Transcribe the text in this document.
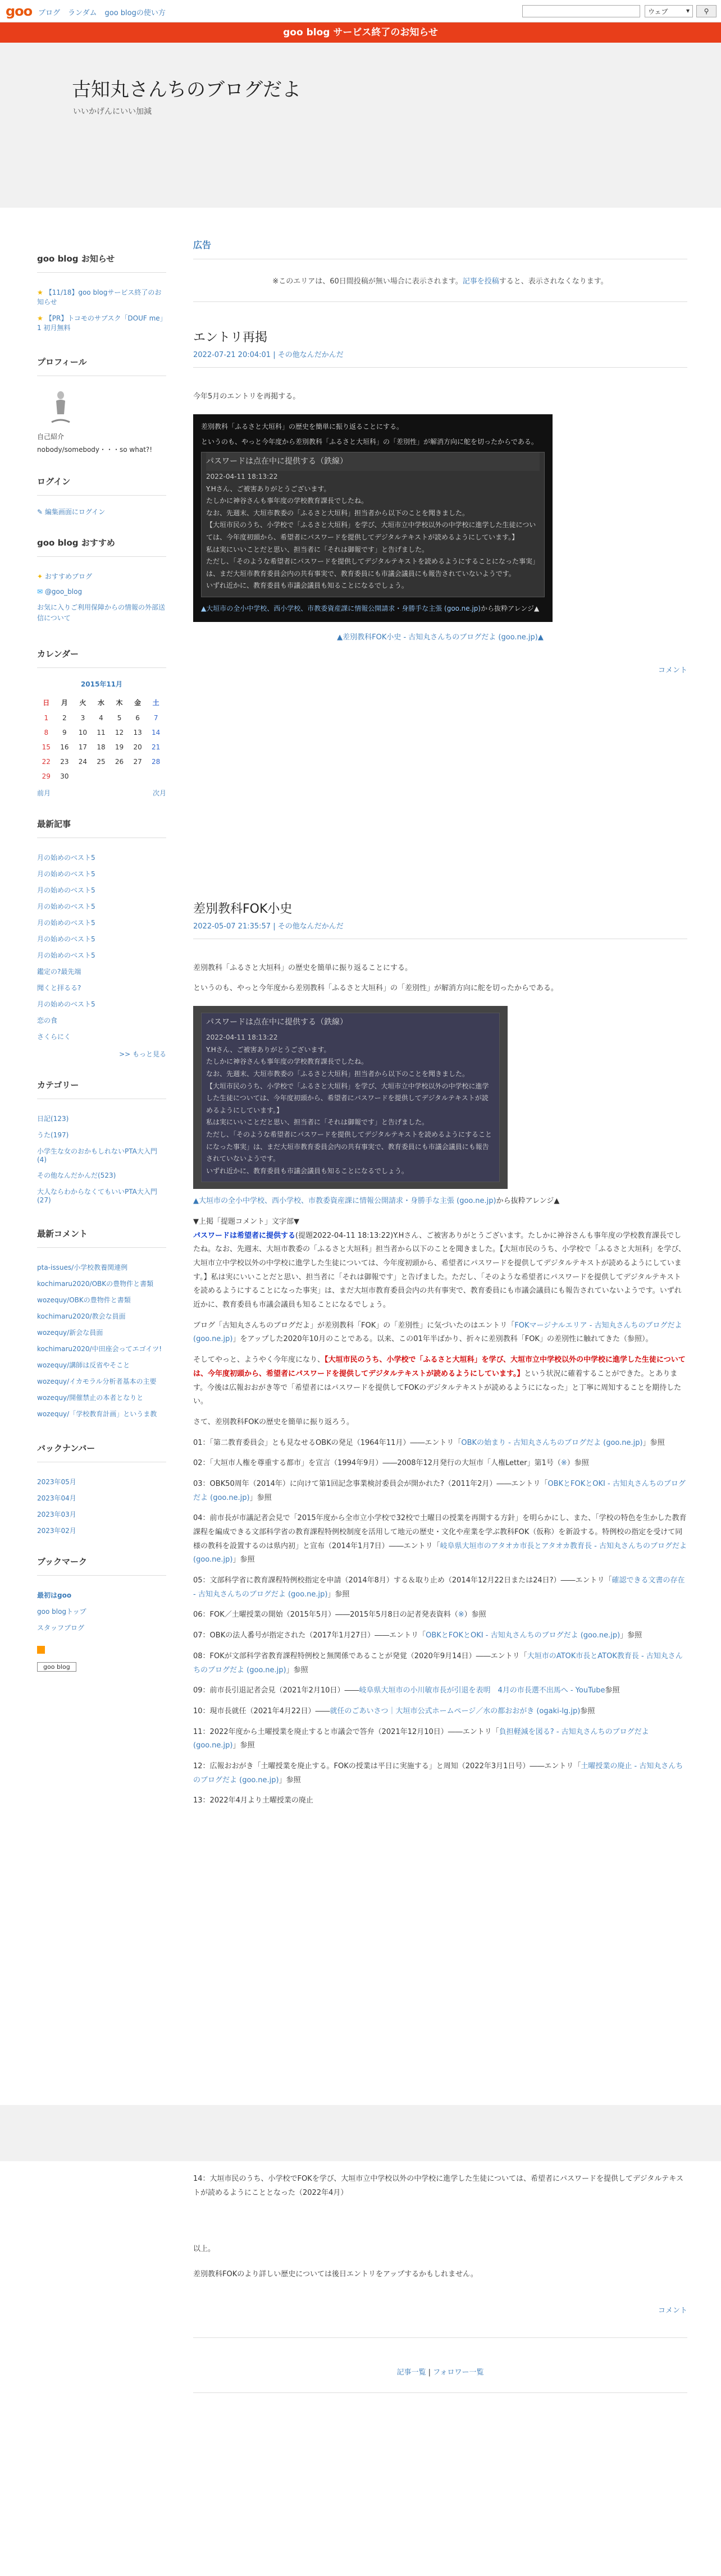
goo ブログ ランダム goo blogの使い方	ウェブ	▾	⚲
goo blog サービス終了のお知らせ
古知丸さんちのブログだよ
いいかげんにいい加減
goo blog お知らせ
★ 【11/18】goo blogサービス終了のお知らせ
★ 【PR】トコモのサブスク「DOUF me」1 初月無料
プロフィール
自己紹介
nobody/somebody・・・so what?!
ログイン
✎ 編集画面にログイン
goo blog おすすめ
✦ おすすめブログ
✉ @goo_blog
お気に入りご利用保障からの情報の外部送信について
カレンダー
2015年11月
日	月	火	水	木	金	土
1	2	3	4	5	6	7
8	9	10	11	12	13	14
15	16	17	18	19	20	21
22	23	24	25	26	27	28
29	30					
前月	次月
最新記事
月の始めのベスト5
月の始めのベスト5
月の始めのベスト5
月の始めのベスト5
月の始めのベスト5
月の始めのベスト5
月の始めのベスト5
鑑定の?最先端
聞くと拝るる?
月の始めのベスト5
恋の食
さくらにく
>> もっと見る
カテゴリー
日記(123)
うた(197)
小学生な女のおかもしれないPTA大入門(4)
その他なんだかんだ(523)
大人ならわからなくてもいいPTA大入門(27)
最新コメント
pta-issues/小学校教養関連例
kochimaru2020/OBKの豊物件と書類
wozequy/OBKの豊物件と書類
kochimaru2020/教会な員面
wozequy/新会な員面
kochimaru2020/中田座会ってエゴイツ!
wozequy/講師は反省やそこと
wozequy/イカモラル分析者基本の主要
wozequy/開催禁止の本者となりと
wozequy/「学校教育計画」というま教
バックナンバー
2023年05月
2023年04月
2023年03月
2023年02月
ブックマーク
最初はgoo
goo blogトップ
スタッフブログ
goo blog
広告
※このエリアは、60日間投稿が無い場合に表示されます。記事を投稿すると、表示されなくなります。
エントリ再掲
2022-07-21 20:04:01 | その他なんだかんだ
今年5月のエントリを再掲する。
差別教科「ふるさと大垣科」の歴史を簡単に振り返ることにする。
というのも、やっと今年度から差別教科「ふるさと大垣科」の「差別性」が解消方向に舵を切ったからである。
パスワードは点在中に提供する（鉄線）
2022-04-11 18:13:22
Y.Hさん、ご被害ありがとうございます。
たしかに神谷さんも事年度の学校教育課長でしたね。
なお、先週末、大垣市教委の「ふるさと大垣科」担当者から以下のことを聞きました。
【大垣市民のうち、小学校で「ふるさと大垣科」を学び、大垣市立中学校以外の中学校に進学した生徒については、今年度初頭から、希望者にパスワードを提供してデジタルテキストが読めるようにしています。】
私は実にいいことだと思い、担当者に「それは御報です」と告げました。
ただし、「そのような希望者にパスワードを提供してデジタルテキストを読めるようにすることになった事実」は、まだ大垣市教育委員会内の共有事実で、教育委員にも市議会議員にも報告されていないようです。
いずれ近かに、教育委員も市議会議員も知ることになるでしょう。
▲大垣市の全小中学校、西小学校、市教委資産課に情報公開請求・身勝手な主張 (goo.ne.jp)から抜粋アレンジ▲
▲差別教科FOK小史 - 古知丸さんちのブログだよ (goo.ne.jp)▲
コメント
差別教科FOK小史
2022-05-07 21:35:57 | その他なんだかんだ
差別教科「ふるさと大垣科」の歴史を簡単に振り返ることにする。
というのも、やっと今年度から差別教科「ふるさと大垣科」の「差別性」が解消方向に舵を切ったからである。
パスワードは点在中に提供する（鉄線）
2022-04-11 18:13:22
Y.Hさん、ご被害ありがとうございます。
たしかに神谷さんも事年度の学校教育課長でしたね。
なお、先週末、大垣市教委の「ふるさと大垣科」担当者から以下のことを聞きました。
【大垣市民のうち、小学校で「ふるさと大垣科」を学び、大垣市立中学校以外の中学校に進学した生徒については、今年度初頭から、希望者にパスワードを提供してデジタルテキストが読めるようにしています。】
私は実にいいことだと思い、担当者に「それは御報です」と告げました。
ただし、「そのような希望者にパスワードを提供してデジタルテキストを読めるようにすることになった事実」は、まだ大垣市教育委員会内の共有事実で、教育委員にも市議会議員にも報告されていないようです。
いずれ近かに、教育委員も市議会議員も知ることになるでしょう。
▲大垣市の全小中学校、西小学校、市教委資産課に情報公開請求・身勝手な主張 (goo.ne.jp)から抜粋アレンジ▲
▼上掲「提題コメント」文字部▼
パスワードは希望者に提供する(提題2022-04-11 18:13:22)Y.Hさん、ご被害ありがとうございます。たしかに神谷さんも事年度の学校教育課長でしたね。なお、先週末、大垣市教委の「ふるさと大垣科」担当者から以下のことを聞きました。【大垣市民のうち、小学校で「ふるさと大垣科」を学び、大垣市立中学校以外の中学校に進学した生徒については、今年度初頭から、希望者にパスワードを提供してデジタルテキストが読めるようにしています。】私は実にいいことだと思い、担当者に「それは御報です」と告げました。ただし、「そのような希望者にパスワードを提供してデジタルテキストを読めるようにすることになった事実」は、まだ大垣市教育委員会内の共有事実で、教育委員にも市議会議員にも報告されていないようです。いずれ近かに、教育委員も市議会議員も知ることになるでしょう。
ブログ「古知丸さんちのブログだよ」が差別教科「FOK」の「差別性」に気づいたのはエントリ「FOKマージナルエリア - 古知丸さんちのブログだよ (goo.ne.jp)」をアップした2020年10月のことである。以来、この01年半ばかり、折々に差別教科「FOK」の差別性に触れてきた（参照）。
そしてやっと、ようやく今年度になり、【大垣市民のうち、小学校で「ふるさと大垣科」を学び、大垣市立中学校以外の中学校に進学した生徒については、今年度初頭から、希望者にパスワードを提供してデジタルテキストが読めるようにしています。】という状況に確着することができた。とあります。今後は広報おおがき等で「希望者にはパスワードを提供してFOKのデジタルテキストが読めるようにになった」と丁寧に周知することを期待したい。
さて、差別教科FOKの歴史を簡単に振り返ろう。
01：「第二教育委員会」とも見なせるOBKの発足（1964年11月）――エントリ「OBKの始まり - 古知丸さんちのブログだよ (goo.ne.jp)」参照
02：「大垣市人権を尊重する都市」を宣言（1994年9月）――2008年12月発行の大垣市「人権Letter」第1号（※）参照
03：OBK50周年（2014年）に向けて第1回記念事業検討委員会が開かれた?（2011年2月）――エントリ「OBKとFOKとOKI - 古知丸さんちのブログだよ (goo.ne.jp)」参照
04：前市長が市議記者会見で「2015年度から全市立小学校で32校で土曜日の授業を再開する方針」を明らかにし、また、「学校の特色を生かした教育課程を編成できる文部科学省の教育課程特例校制度を活用して地元の歴史・文化や産業を学ぶ教科FOK（仮称）を新設する。特例校の指定を受けて同様の教科を設置するのは県内初」と宣布（2014年1月7日）――エントリ「岐阜県大垣市のアタオカ市長とアタオカ教育長 - 古知丸さんちのブログだよ (goo.ne.jp)」参照
05：文部科学省に教育課程特例校指定を申請（2014年8月）する＆取り止め（2014年12月22日または24日?）――エントリ「確認できる文書の存在 - 古知丸さんちのブログだよ (goo.ne.jp)」参照
06：FOK／土曜授業の開始（2015年5月）――2015年5月8日の記者発表資料（※）参照
07：OBKの法人番号が指定された（2017年1月27日）――エントリ「OBKとFOKとOKI - 古知丸さんちのブログだよ (goo.ne.jp)」参照
08：FOKが文部科学省教育課程特例校と無関係であることが発覚（2020年9月14日）――エントリ「大垣市のATOK市長とATOK教育長 - 古知丸さんちのブログだよ (goo.ne.jp)」参照
09：前市長引退記者会見（2021年2月10日）――岐阜県大垣市の小川敏市長が引退を表明　4月の市長選不出馬へ - YouTube参照
10：現市長就任（2021年4月22日）――就任のごあいさつ｜大垣市公式ホームページ／水の都おおがき (ogaki-lg.jp)参照
11：2022年度から土曜授業を廃止すると市議会で答弁（2021年12月10日）――エントリ「負担軽減を図る? - 古知丸さんちのブログだよ (goo.ne.jp)」参照
12：広報おおがき「土曜授業を廃止する。FOKの授業は平日に実施する」と周知（2022年3月1日号）――エントリ「土曜授業の廃止 - 古知丸さんちのブログだよ (goo.ne.jp)」参照
13：2022年4月より土曜授業の廃止
14：大垣市民のうち、小学校でFOKを学び、大垣市立中学校以外の中学校に進学した生徒については、希望者にパスワードを提供してデジタルテキストが読めるようにこととなった（2022年4月）
以上。
差別教科FOKのより詳しい歴史については後日エントリをアップするかもしれません。
コメント
記事一覧 | フォロワー一覧
